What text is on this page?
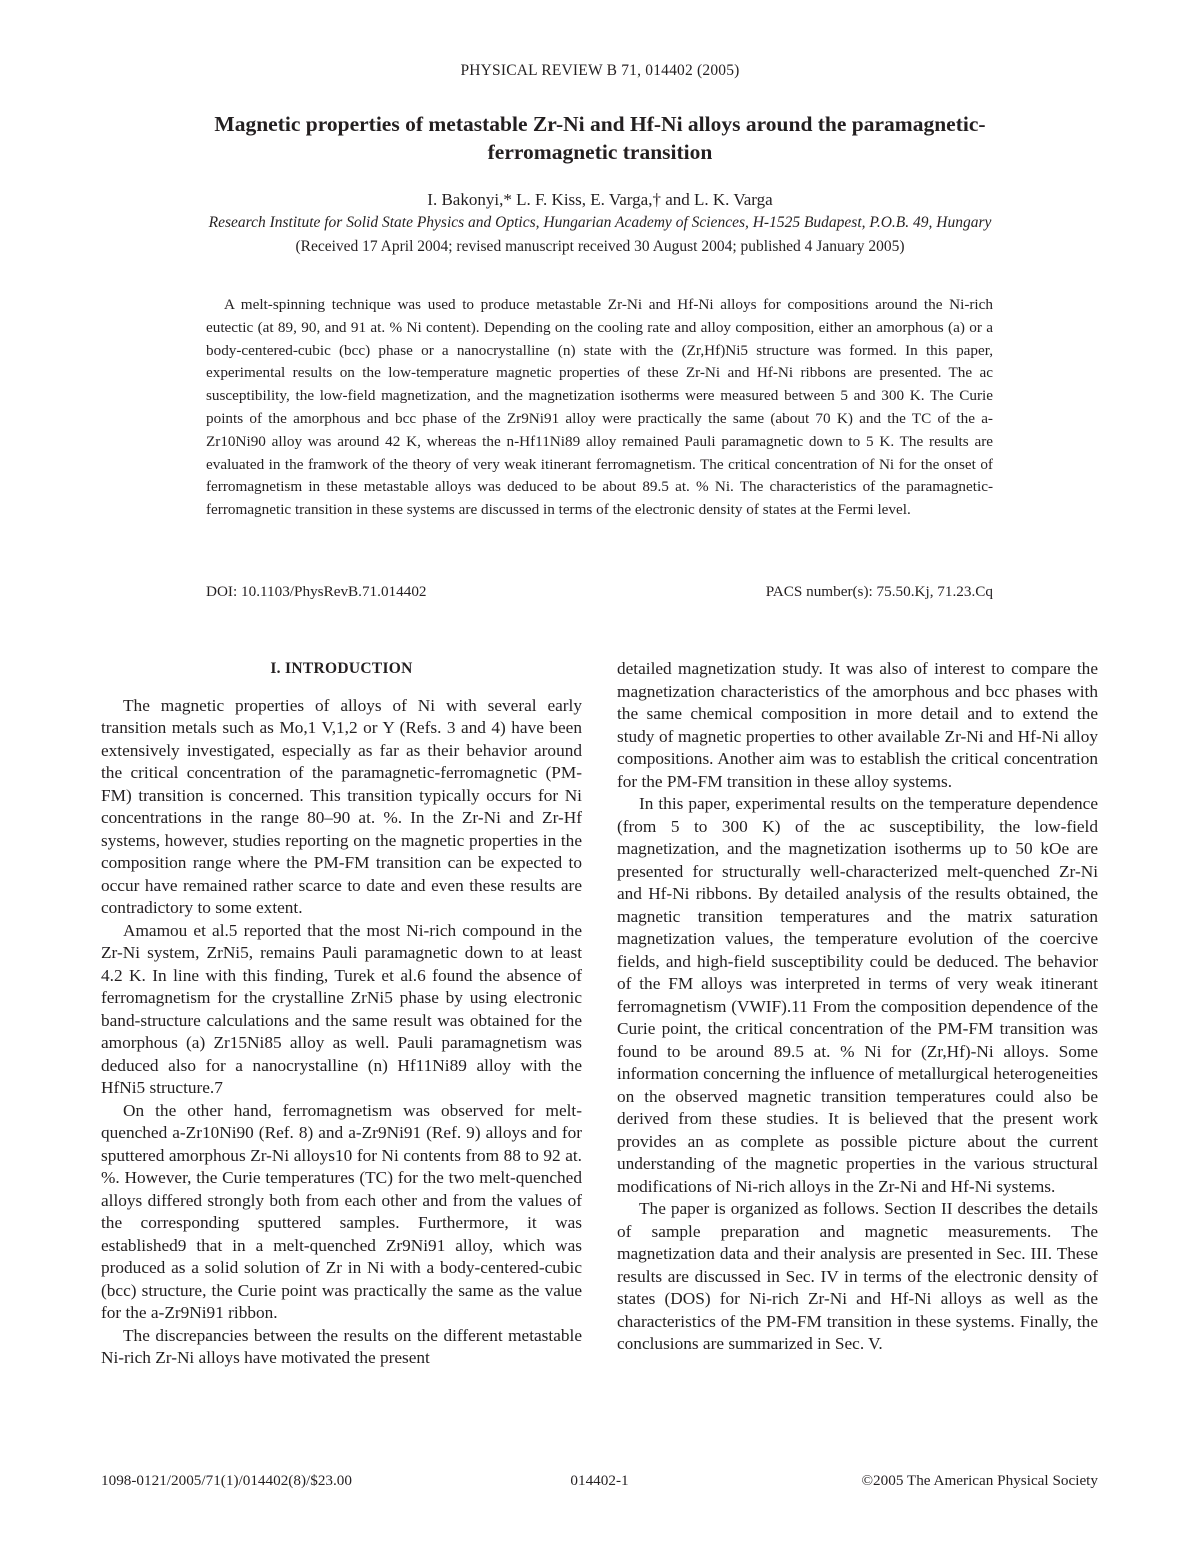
PHYSICAL REVIEW B 71, 014402 (2005)
Magnetic properties of metastable Zr-Ni and Hf-Ni alloys around the paramagnetic-ferromagnetic transition
I. Bakonyi,* L. F. Kiss, E. Varga,† and L. K. Varga
Research Institute for Solid State Physics and Optics, Hungarian Academy of Sciences, H-1525 Budapest, P.O.B. 49, Hungary
(Received 17 April 2004; revised manuscript received 30 August 2004; published 4 January 2005)

A melt-spinning technique was used to produce metastable Zr-Ni and Hf-Ni alloys for compositions around the Ni-rich eutectic (at 89, 90, and 91 at. % Ni content). Depending on the cooling rate and alloy composition, either an amorphous (a) or a body-centered-cubic (bcc) phase or a nanocrystalline (n) state with the (Zr,Hf)Ni5 structure was formed. In this paper, experimental results on the low-temperature magnetic properties of these Zr-Ni and Hf-Ni ribbons are presented. The ac susceptibility, the low-field magnetization, and the magnetization isotherms were measured between 5 and 300 K. The Curie points of the amorphous and bcc phase of the Zr9Ni91 alloy were practically the same (about 70 K) and the TC of the a-Zr10Ni90 alloy was around 42 K, whereas the n-Hf11Ni89 alloy remained Pauli paramagnetic down to 5 K. The results are evaluated in the framwork of the theory of very weak itinerant ferromagnetism. The critical concentration of Ni for the onset of ferromagnetism in these metastable alloys was deduced to be about 89.5 at. % Ni. The characteristics of the paramagnetic-ferromagnetic transition in these systems are discussed in terms of the electronic density of states at the Fermi level.

DOI: 10.1103/PhysRevB.71.014402	PACS number(s): 75.50.Kj, 71.23.Cq
I. INTRODUCTION

The magnetic properties of alloys of Ni with several early transition metals such as Mo,1 V,1,2 or Y (Refs. 3 and 4) have been extensively investigated, especially as far as their behavior around the critical concentration of the paramagnetic-ferromagnetic (PM-FM) transition is concerned. This transition typically occurs for Ni concentrations in the range 80–90 at. %. In the Zr-Ni and Zr-Hf systems, however, studies reporting on the magnetic properties in the composition range where the PM-FM transition can be expected to occur have remained rather scarce to date and even these results are contradictory to some extent.

Amamou et al.5 reported that the most Ni-rich compound in the Zr-Ni system, ZrNi5, remains Pauli paramagnetic down to at least 4.2 K. In line with this finding, Turek et al.6 found the absence of ferromagnetism for the crystalline ZrNi5 phase by using electronic band-structure calculations and the same result was obtained for the amorphous (a) Zr15Ni85 alloy as well. Pauli paramagnetism was deduced also for a nanocrystalline (n) Hf11Ni89 alloy with the HfNi5 structure.7

On the other hand, ferromagnetism was observed for melt-quenched a-Zr10Ni90 (Ref. 8) and a-Zr9Ni91 (Ref. 9) alloys and for sputtered amorphous Zr-Ni alloys10 for Ni contents from 88 to 92 at. %. However, the Curie temperatures (TC) for the two melt-quenched alloys differed strongly both from each other and from the values of the corresponding sputtered samples. Furthermore, it was established9 that in a melt-quenched Zr9Ni91 alloy, which was produced as a solid solution of Zr in Ni with a body-centered-cubic (bcc) structure, the Curie point was practically the same as the value for the a-Zr9Ni91 ribbon.

The discrepancies between the results on the different metastable Ni-rich Zr-Ni alloys have motivated the present

detailed magnetization study. It was also of interest to compare the magnetization characteristics of the amorphous and bcc phases with the same chemical composition in more detail and to extend the study of magnetic properties to other available Zr-Ni and Hf-Ni alloy compositions. Another aim was to establish the critical concentration for the PM-FM transition in these alloy systems.

In this paper, experimental results on the temperature dependence (from 5 to 300 K) of the ac susceptibility, the low-field magnetization, and the magnetization isotherms up to 50 kOe are presented for structurally well-characterized melt-quenched Zr-Ni and Hf-Ni ribbons. By detailed analysis of the results obtained, the magnetic transition temperatures and the matrix saturation magnetization values, the temperature evolution of the coercive fields, and high-field susceptibility could be deduced. The behavior of the FM alloys was interpreted in terms of very weak itinerant ferromagnetism (VWIF).11 From the composition dependence of the Curie point, the critical concentration of the PM-FM transition was found to be around 89.5 at. % Ni for (Zr,Hf)-Ni alloys. Some information concerning the influence of metallurgical heterogeneities on the observed magnetic transition temperatures could also be derived from these studies. It is believed that the present work provides an as complete as possible picture about the current understanding of the magnetic properties in the various structural modifications of Ni-rich alloys in the Zr-Ni and Hf-Ni systems.

The paper is organized as follows. Section II describes the details of sample preparation and magnetic measurements. The magnetization data and their analysis are presented in Sec. III. These results are discussed in Sec. IV in terms of the electronic density of states (DOS) for Ni-rich Zr-Ni and Hf-Ni alloys as well as the characteristics of the PM-FM transition in these systems. Finally, the conclusions are summarized in Sec. V.

1098-0121/2005/71(1)/014402(8)/$23.00	014402-1	©2005 The American Physical Society
